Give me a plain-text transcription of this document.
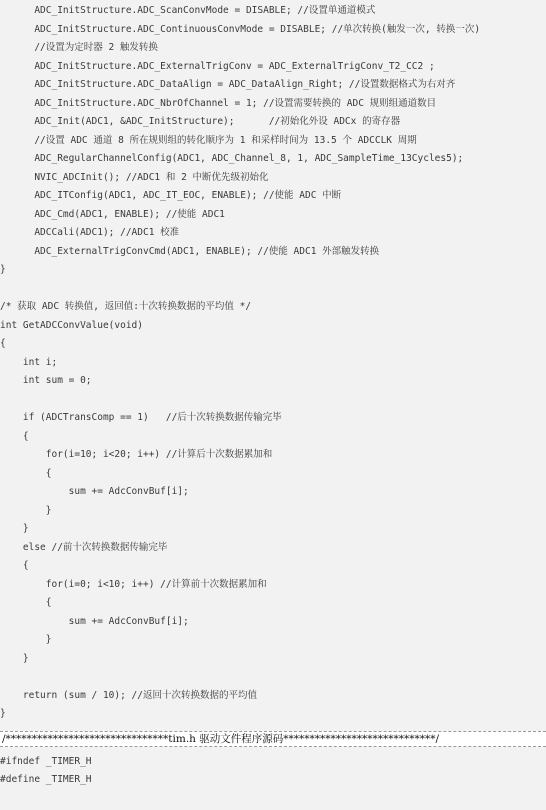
ADC_InitStructure.ADC_ScanConvMode = DISABLE; //设置单通道模式
ADC_InitStructure.ADC_ContinuousConvMode = DISABLE; //单次转换(触发一次, 转换一次)
//设置为定时器 2 触发转换
ADC_InitStructure.ADC_ExternalTrigConv = ADC_ExternalTrigConv_T2_CC2 ;
ADC_InitStructure.ADC_DataAlign = ADC_DataAlign_Right; //设置数据格式为右对齐
ADC_InitStructure.ADC_NbrOfChannel = 1; //设置需要转换的 ADC 规则组通道数目
ADC_Init(ADC1, &ADC_InitStructure);      //初始化外设 ADCx 的寄存器
//设置 ADC 通道 8 所在规则组的转化顺序为 1 和采样时间为 13.5 个 ADCCLK 周期
ADC_RegularChannelConfig(ADC1, ADC_Channel_8, 1, ADC_SampleTime_13Cycles5);
NVIC_ADCInit(); //ADC1 和 2 中断优先级初始化
ADC_ITConfig(ADC1, ADC_IT_EOC, ENABLE); //使能 ADC 中断
ADC_Cmd(ADC1, ENABLE); //使能 ADC1
ADCCali(ADC1); //ADC1 校准
ADC_ExternalTrigConvCmd(ADC1, ENABLE); //使能 ADC1 外部触发转换
}
/* 获取 ADC 转换值, 返回值:十次转换数据的平均值 */
int GetADCConvValue(void)
{
int i;
int sum = 0;
if (ADCTransComp == 1)   //后十次转换数据传输完毕
{
for(i=10; i<20; i++) //计算后十次数据累加和
{
sum += AdcConvBuf[i];
}
}
else //前十次转换数据传输完毕
{
for(i=0; i<10; i++) //计算前十次数据累加和
{
sum += AdcConvBuf[i];
}
}
return (sum / 10); //返回十次转换数据的平均值
}
/*******************************tim.h 驱动文件程序源码*****************************/
#ifndef _TIMER_H
#define _TIMER_H
